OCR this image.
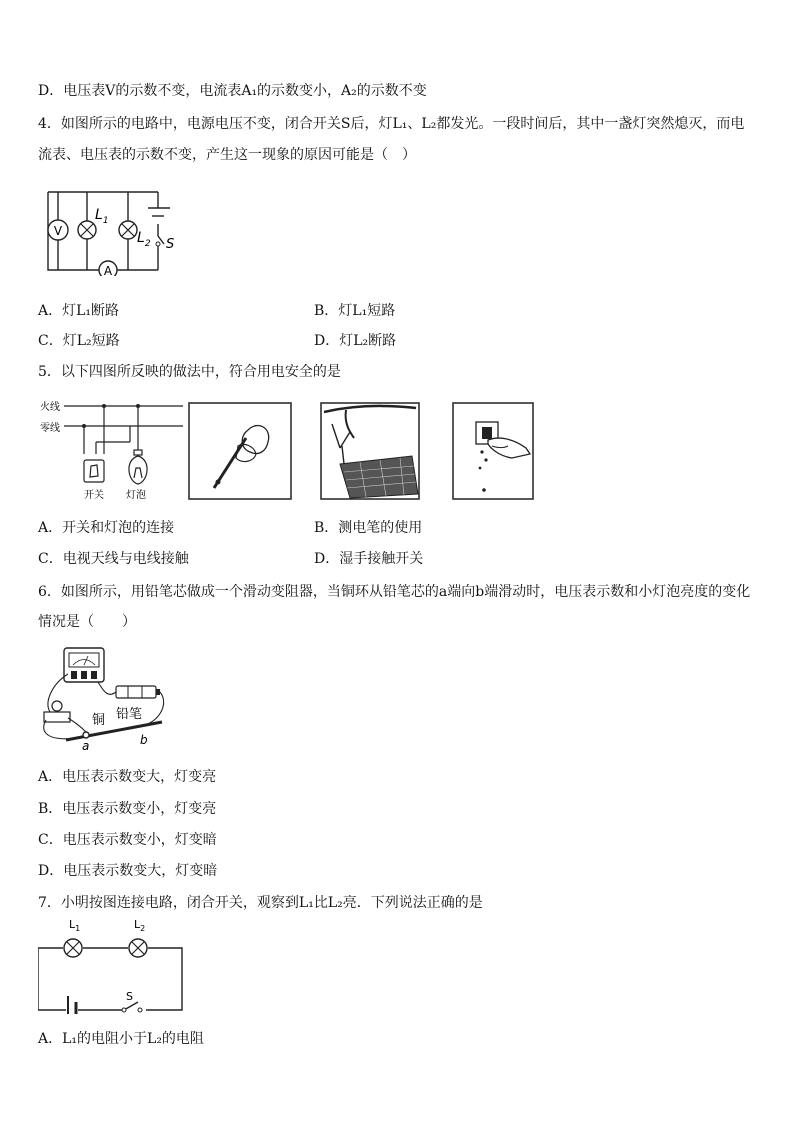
D．电压表V的示数不变，电流表A₁的示数变小，A₂的示数不变
4．如图所示的电路中，电源电压不变，闭合开关S后，灯L₁、L₂都发光。一段时间后，其中一盏灯突然熄灭，而电
流表、电压表的示数不变，产生这一现象的原因可能是（　）
V
$L_1$
$L_2$ S
A
A．灯L₁断路	B．灯L₁短路
C．灯L₂短路	D．灯L₂断路
5．以下四图所反映的做法中，符合用电安全的是
火线
零线
开关 灯泡
A．开关和灯泡的连接	B．测电笔的使用
C．电视天线与电线接触	D．湿手接触开关
6．如图所示，用铅笔芯做成一个滑动变阻器，当铜环从铅笔芯的a端向b端滑动时，电压表示数和小灯泡亮度的变化
情况是（　　）
铜 铅笔
a	b
A．电压表示数变大，灯变亮
B．电压表示数变小，灯变亮
C．电压表示数变小，灯变暗
D．电压表示数变大，灯变暗
7．小明按图连接电路，闭合开关，观察到L₁比L₂亮．下列说法正确的是
$L_1$	$L_2$
S
A．L₁的电阻小于L₂的电阻
